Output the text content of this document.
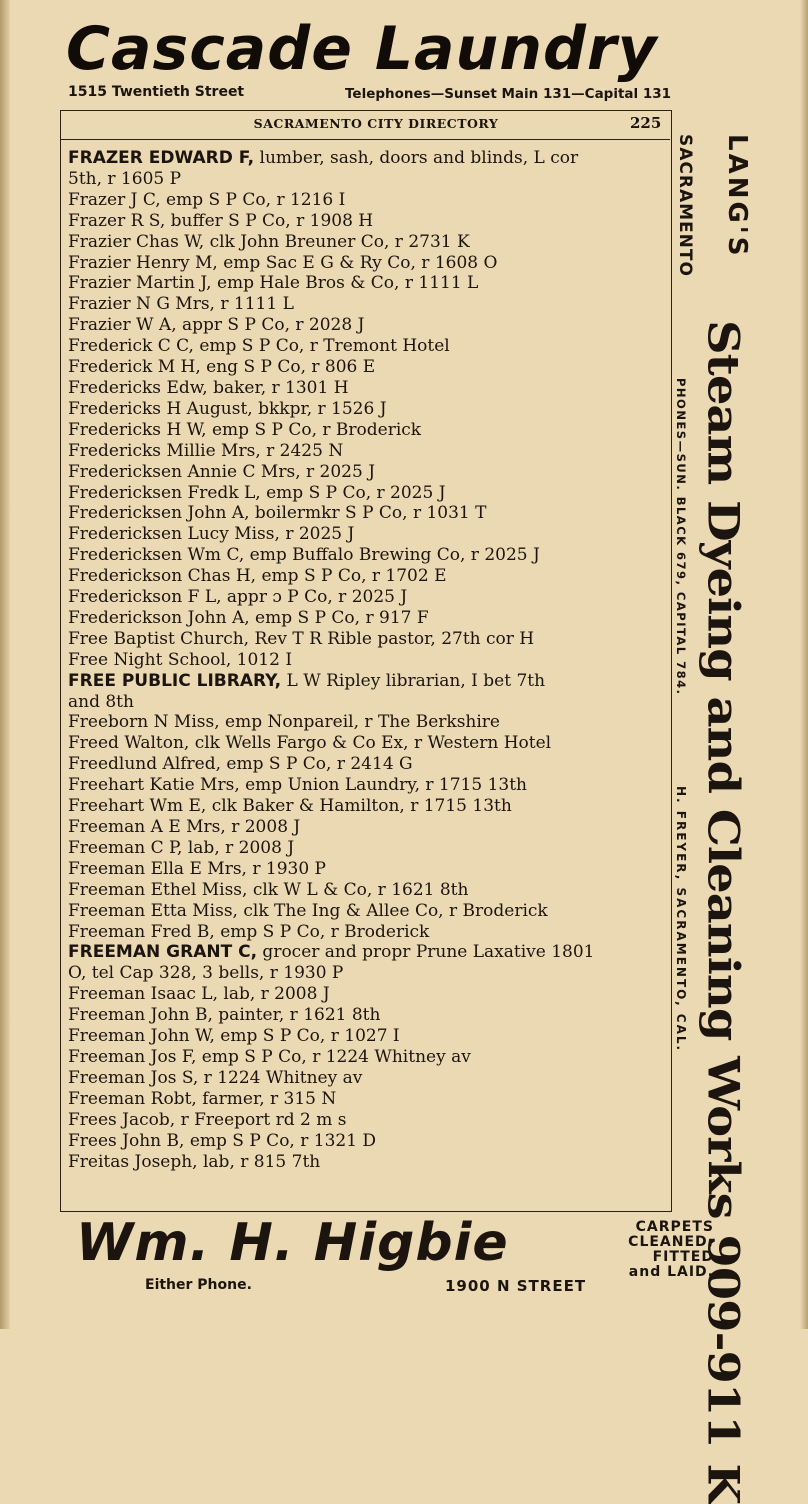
Cascade Laundry
1515 Twentieth Street	Telephones—Sunset Main 131—Capital 131
SACRAMENTO CITY DIRECTORY	225
FRAZER EDWARD F, lumber, sash, doors and blinds, L cor
5th, r 1605 P
Frazer J C, emp S P Co, r 1216 I
Frazer R S, buffer S P Co, r 1908 H
Frazier Chas W, clk John Breuner Co, r 2731 K
Frazier Henry M, emp Sac E G & Ry Co, r 1608 O
Frazier Martin J, emp Hale Bros & Co, r 1111 L
Frazier N G Mrs, r 1111 L
Frazier W A, appr S P Co, r 2028 J
Frederick C C, emp S P Co, r Tremont Hotel
Frederick M H, eng S P Co, r 806 E
Fredericks Edw, baker, r 1301 H
Fredericks H August, bkkpr, r 1526 J
Fredericks H W, emp S P Co, r Broderick
Fredericks Millie Mrs, r 2425 N
Fredericksen Annie C Mrs, r 2025 J
Fredericksen Fredk L, emp S P Co, r 2025 J
Fredericksen John A, boilermkr S P Co, r 1031 T
Fredericksen Lucy Miss, r 2025 J
Fredericksen Wm C, emp Buffalo Brewing Co, r 2025 J
Frederickson Chas H, emp S P Co, r 1702 E
Frederickson F L, appr ɔ P Co, r 2025 J
Frederickson John A, emp S P Co, r 917 F
Free Baptist Church, Rev T R Rible pastor, 27th cor H
Free Night School, 1012 I
FREE PUBLIC LIBRARY, L W Ripley librarian, I bet 7th
and 8th
Freeborn N Miss, emp Nonpareil, r The Berkshire
Freed Walton, clk Wells Fargo & Co Ex, r Western Hotel
Freedlund Alfred, emp S P Co, r 2414 G
Freehart Katie Mrs, emp Union Laundry, r 1715 13th
Freehart Wm E, clk Baker & Hamilton, r 1715 13th
Freeman A E Mrs, r 2008 J
Freeman C P, lab, r 2008 J
Freeman Ella E Mrs, r 1930 P
Freeman Ethel Miss, clk W L & Co, r 1621 8th
Freeman Etta Miss, clk The Ing & Allee Co, r Broderick
Freeman Fred B, emp S P Co, r Broderick
FREEMAN GRANT C, grocer and propr Prune Laxative 1801
O, tel Cap 328, 3 bells, r 1930 P
Freeman Isaac L, lab, r 2008 J
Freeman John B, painter, r 1621 8th
Freeman John W, emp S P Co, r 1027 I
Freeman Jos F, emp S P Co, r 1224 Whitney av
Freeman Jos S, r 1224 Whitney av
Freeman Robt, farmer, r 315 N
Frees Jacob, r Freeport rd 2 m s
Frees John B, emp S P Co, r 1321 D
Freitas Joseph, lab, r 815 7th
LANG'S
SACRAMENTO
PHONES—SUN. BLACK 679, CAPITAL 784.
H. FREYER, SACRAMENTO, CAL. Steam Dyeing and Cleaning Works 909-911 K
Wm. H. Higbie
Either Phone.	1900 N STREET
CARPETS
CLEANED,
FITTED
and LAID.
